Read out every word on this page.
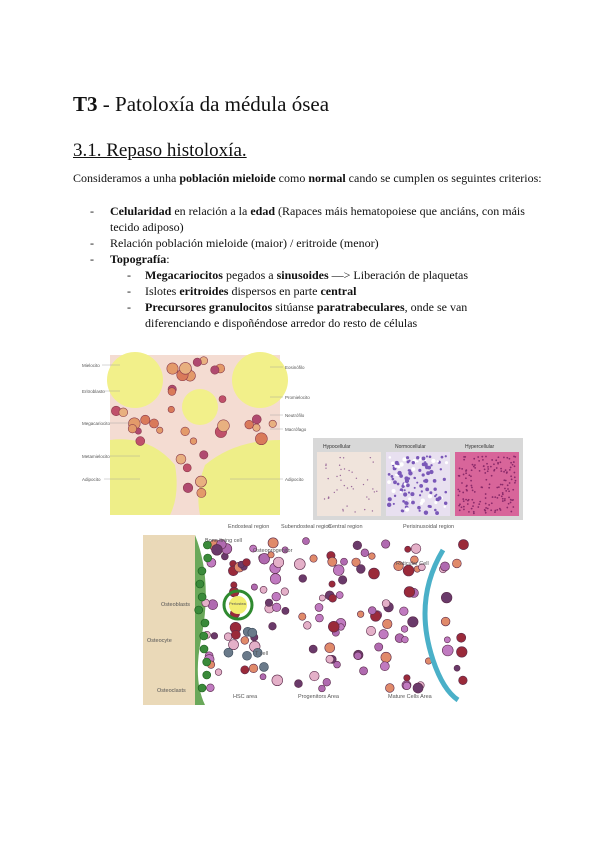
T3 - Patoloxía da médula ósea
3.1. Repaso histoloxía.
Consideramos a unha población mieloide como normal cando se cumplen os seguintes criterios:
- Celularidad en relación a la edad (Rapaces máis hematopoiese que anciáns, con máis tecido adiposo)
- Relación población mieloide (maior) / eritroide (menor)
- Topografía:
- Megacariocitos pegados a sinusoides —> Liberación de plaquetas
- Islotes eritroides dispersos en parte central
- Precursores granulocitos sitúanse paratrabeculares, onde se van diferenciando e dispoñéndose arredor do resto de células
Mielocito
Eritroblasto
Megacariocito
Metamielocito
Adipocito
Eosinófilo
Promielocito
Neutrófilo
Macrófago
Adipocito
Hypocellular	Normocellular	Hypercellular
Endosteal region Subendosteal region
Central region	Perisinusoidal region
Bone lining cell
Osteoprogenitor
Osteoblasts
Osteocyte
Osteoclasts
Periostea
T cell
Reticular Cell
HSC area	Progenitors Area	Mature Cells Area
